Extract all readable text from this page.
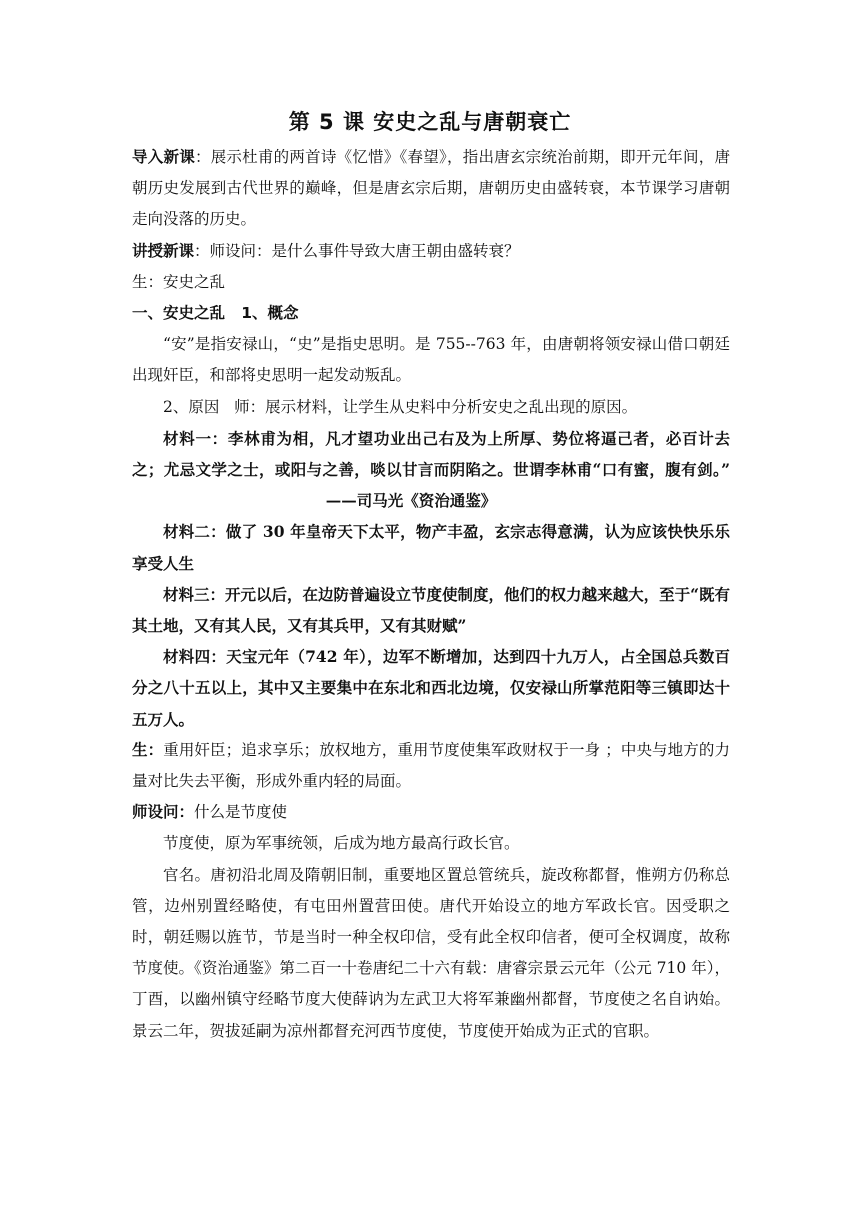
第 5 课 安史之乱与唐朝衰亡

导入新课：展示杜甫的两首诗《忆惜》《春望》，指出唐玄宗统治前期，即开元年间，唐朝历史发展到古代世界的巅峰，但是唐玄宗后期，唐朝历史由盛转衰，本节课学习唐朝走向没落的历史。

讲授新课：师设问：是什么事件导致大唐王朝由盛转衰？

生：安史之乱

一、安史之乱 1、概念

“安”是指安禄山，“史”是指史思明。是 755--763 年，由唐朝将领安禄山借口朝廷出现奸臣，和部将史思明一起发动叛乱。

2、原因 师：展示材料，让学生从史料中分析安史之乱出现的原因。

材料一：李林甫为相，凡才望功业出己右及为上所厚、势位将逼己者，必百计去之；尤忌文学之士，或阳与之善，啖以甘言而阴陷之。世谓李林甫“口有蜜，腹有剑。”——司马光《资治通鉴》

材料二：做了 30 年皇帝天下太平，物产丰盈，玄宗志得意满，认为应该快快乐乐享受人生

材料三：开元以后，在边防普遍设立节度使制度，他们的权力越来越大，至于“既有其土地，又有其人民，又有其兵甲，又有其财赋”

材料四：天宝元年（742 年），边军不断增加，达到四十九万人，占全国总兵数百分之八十五以上，其中又主要集中在东北和西北边境，仅安禄山所掌范阳等三镇即达十五万人。

生：重用奸臣；追求享乐；放权地方，重用节度使集军政财权于一身 ；中央与地方的力量对比失去平衡，形成外重内轻的局面。

师设问：什么是节度使

节度使，原为军事统领，后成为地方最高行政长官。

官名。唐初沿北周及隋朝旧制，重要地区置总管统兵，旋改称都督，惟朔方仍称总管，边州别置经略使，有屯田州置营田使。唐代开始设立的地方军政长官。因受职之时，朝廷赐以旌节，节是当时一种全权印信，受有此全权印信者，便可全权调度，故称节度使。《资治通鉴》第二百一十卷唐纪二十六有载：唐睿宗景云元年（公元 710 年），丁酉，以幽州镇守经略节度大使薛讷为左武卫大将军兼幽州都督，节度使之名自讷始。景云二年，贺拔延嗣为凉州都督充河西节度使，节度使开始成为正式的官职。
